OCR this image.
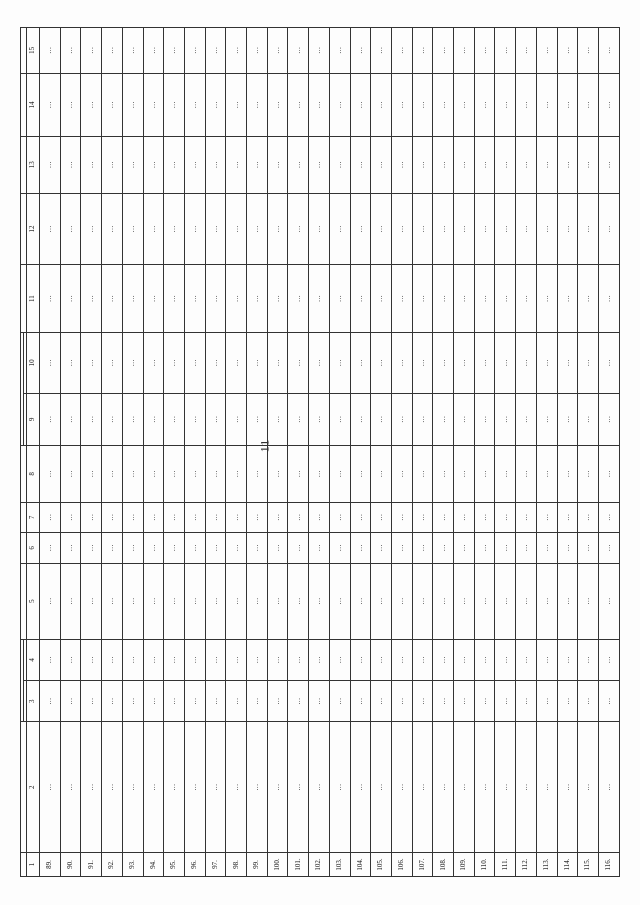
11

1	2	3	4	5	6	7	8	9	10	11	12	13	14	15
89.	…	…	…	…	…	…	…	…	…	…	…	…	…	…
90.	…	…	…	…	…	…	…	…	…	…	…	…	…	…
91.	…	…	…	…	…	…	…	…	…	…	…	…	…	…
92.	…	…	…	…	…	…	…	…	…	…	…	…	…	…
93.	…	…	…	…	…	…	…	…	…	…	…	…	…	…
94.	…	…	…	…	…	…	…	…	…	…	…	…	…	…
95.	…	…	…	…	…	…	…	…	…	…	…	…	…	…
96.	…	…	…	…	…	…	…	…	…	…	…	…	…	…
97.	…	…	…	…	…	…	…	…	…	…	…	…	…	…
98.	…	…	…	…	…	…	…	…	…	…	…	…	…	…
99.	…	…	…	…	…	…	…	…	…	…	…	…	…	…
100.	…	…	…	…	…	…	…	…	…	…	…	…	…	…
101.	…	…	…	…	…	…	…	…	…	…	…	…	…	…
102.	…	…	…	…	…	…	…	…	…	…	…	…	…	…
103.	…	…	…	…	…	…	…	…	…	…	…	…	…	…
104.	…	…	…	…	…	…	…	…	…	…	…	…	…	…
105.	…	…	…	…	…	…	…	…	…	…	…	…	…	…
106.	…	…	…	…	…	…	…	…	…	…	…	…	…	…
107.	…	…	…	…	…	…	…	…	…	…	…	…	…	…
108.	…	…	…	…	…	…	…	…	…	…	…	…	…	…
109.	…	…	…	…	…	…	…	…	…	…	…	…	…	…
110.	…	…	…	…	…	…	…	…	…	…	…	…	…	…
111.	…	…	…	…	…	…	…	…	…	…	…	…	…	…
112.	…	…	…	…	…	…	…	…	…	…	…	…	…	…
113.	…	…	…	…	…	…	…	…	…	…	…	…	…	…
114.	…	…	…	…	…	…	…	…	…	…	…	…	…	…
115.	…	…	…	…	…	…	…	…	…	…	…	…	…	…
116.	…	…	…	…	…	…	…	…	…	…	…	…	…	…
